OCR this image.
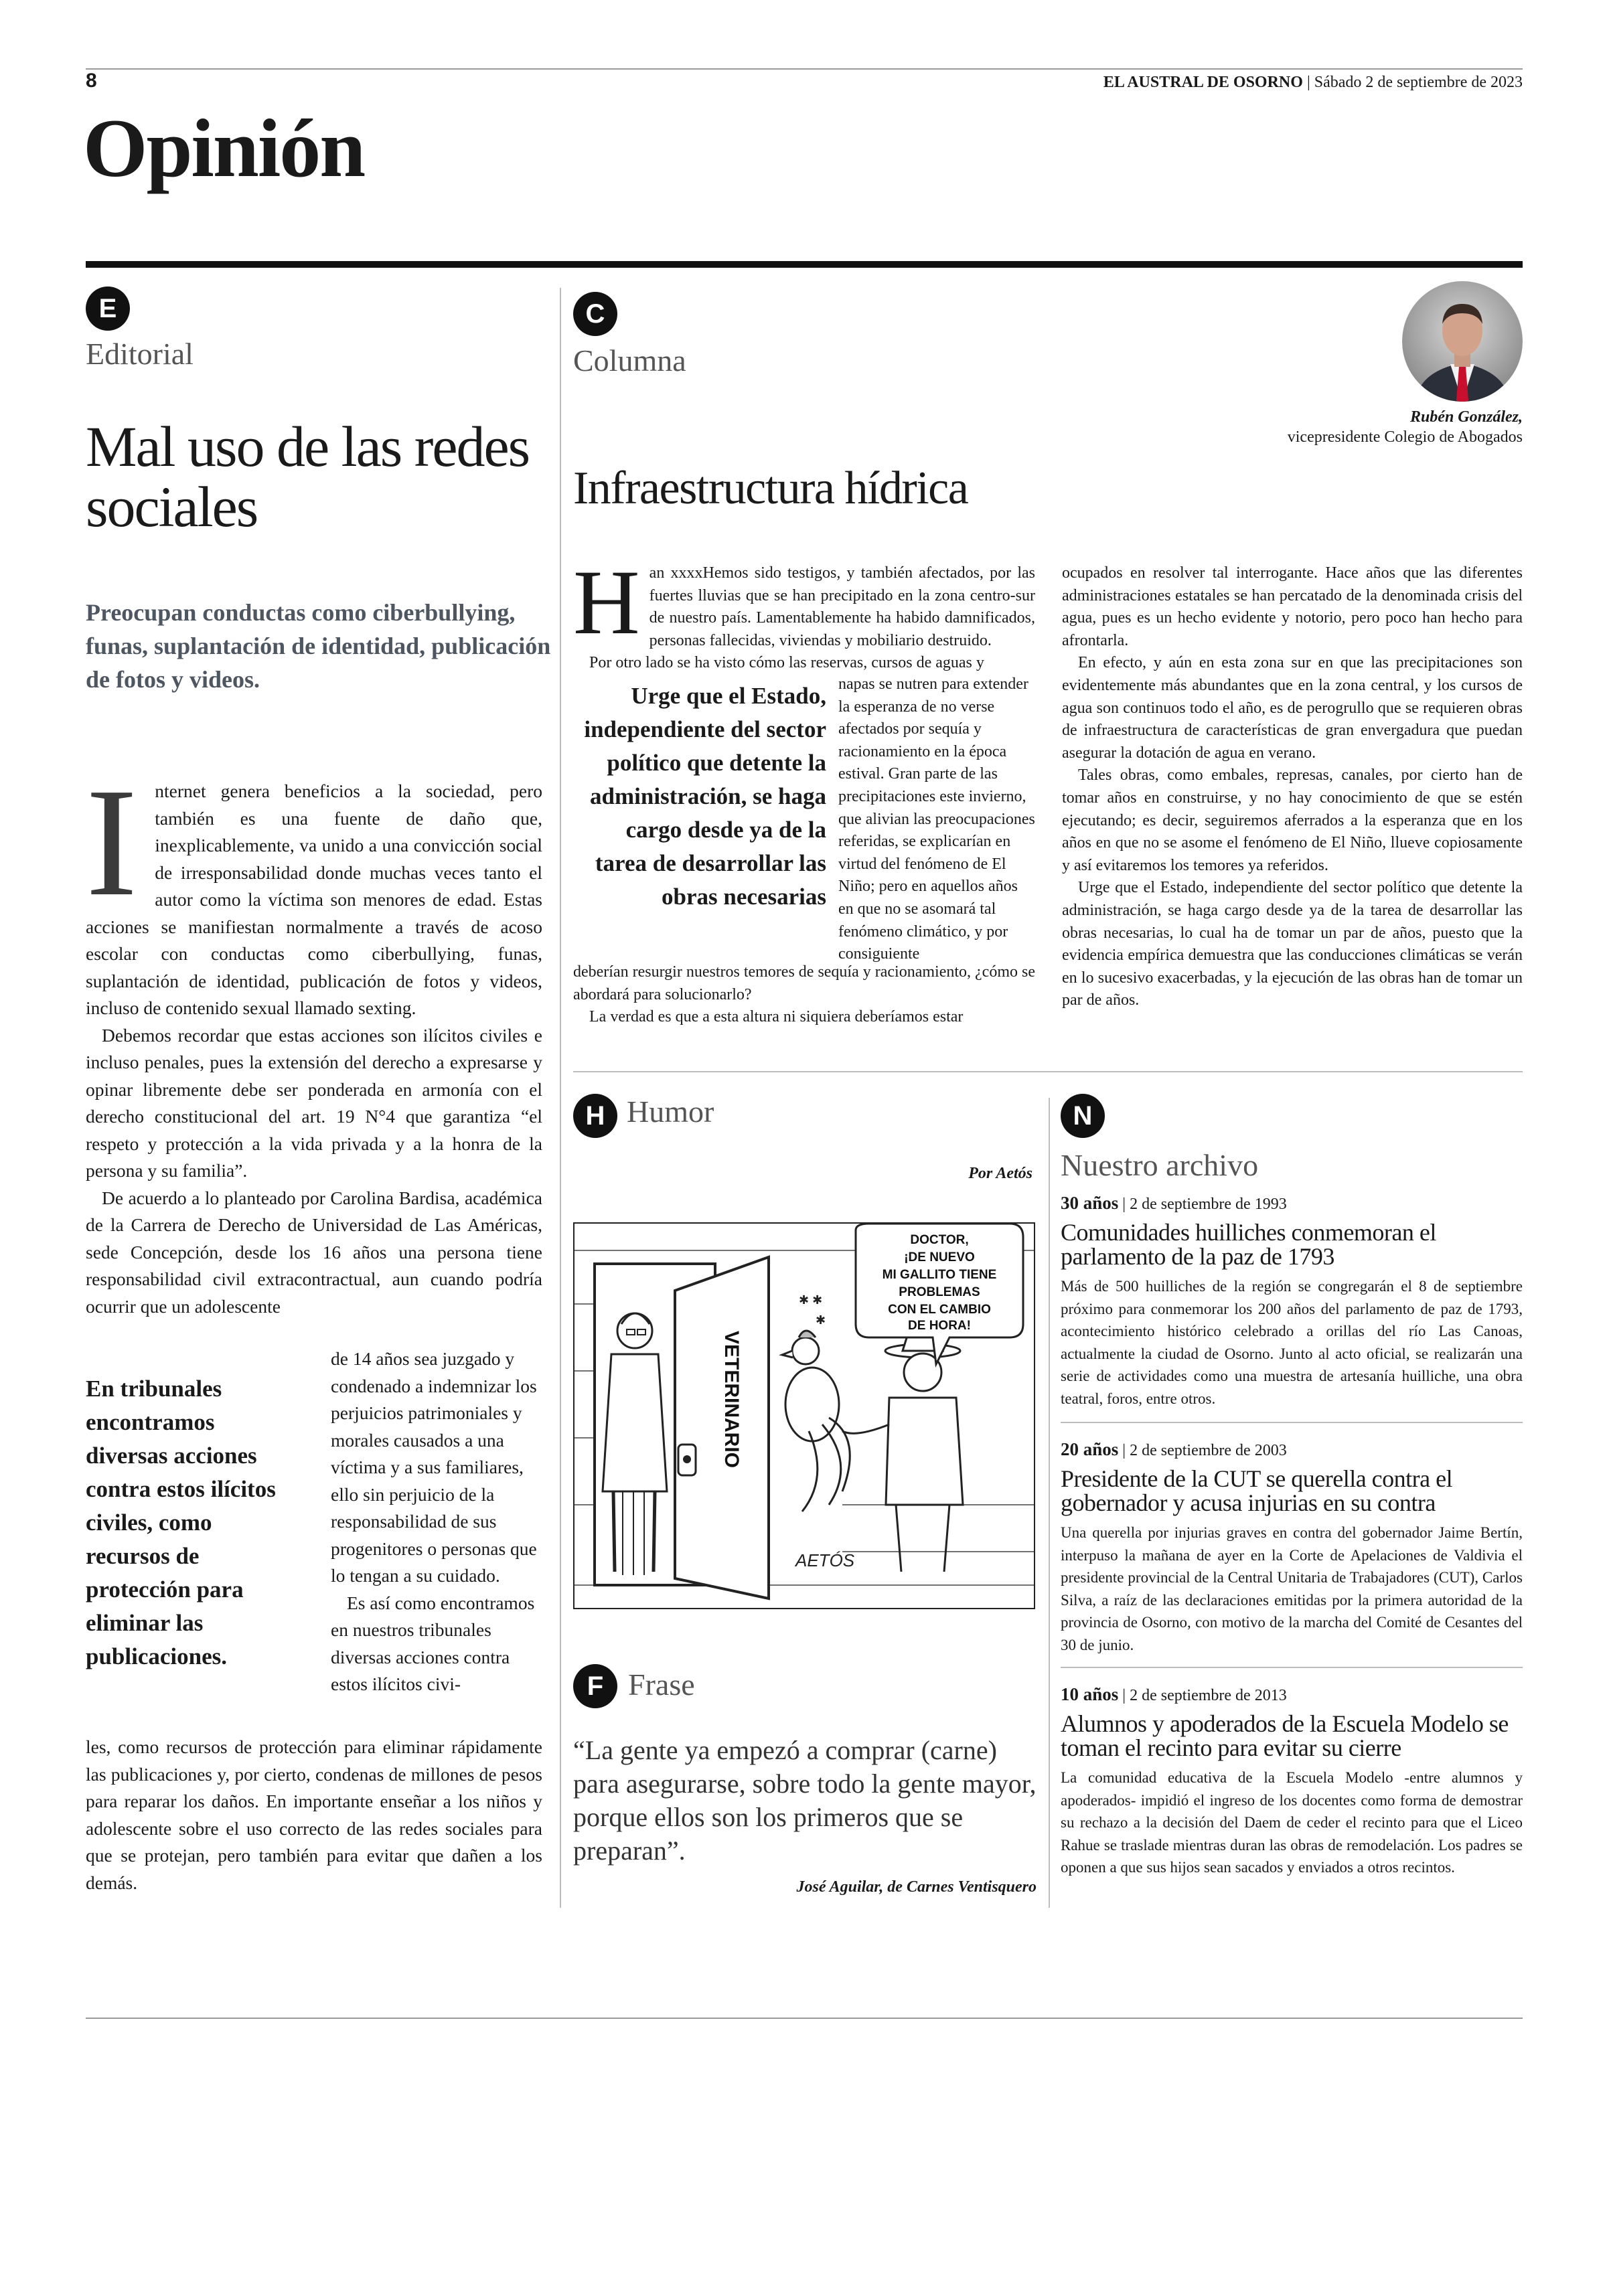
8	EL AUSTRAL DE OSORNO | Sábado 2 de septiembre de 2023
Opinión
E
Editorial
Mal uso de las redes sociales
Preocupan conductas como ciberbullying, funas, suplantación de identidad, publicación de fotos y videos.

Internet genera beneficios a la sociedad, pero también es una fuente de daño que, inexplicablemente, va unido a una convicción social de irresponsabilidad donde muchas veces tanto el autor como la víctima son menores de edad. Estas acciones se manifiestan normalmente a través de acoso escolar con conductas como ciberbullying, funas, suplantación de identidad, publicación de fotos y videos, incluso de contenido sexual llamado sexting.

Debemos recordar que estas acciones son ilícitos civiles e incluso penales, pues la extensión del derecho a expresarse y opinar libremente debe ser ponderada en armonía con el derecho constitucional del art. 19 N°4 que garantiza “el respeto y protección a la vida privada y a la honra de la persona y su familia”.

De acuerdo a lo planteado por Carolina Bardisa, académica de la Carrera de Derecho de Universidad de Las Américas, sede Concepción, desde los 16 años una persona tiene responsabilidad civil extracontractual, aun cuando podría ocurrir que un adolescente

En tribunales encontramos diversas acciones contra estos ilícitos civiles, como recursos de protección para eliminar las publicaciones.

de 14 años sea juzgado y condenado a indemnizar los perjuicios patrimoniales y morales causados a una víctima y a sus familiares, ello sin perjuicio de la responsabilidad de sus progenitores o personas que lo tengan a su cuidado.

Es así como encontramos en nuestros tribunales diversas acciones contra estos ilícitos civi-

les, como recursos de protección para eliminar rápidamente las publicaciones y, por cierto, condenas de millones de pesos para reparar los daños. En importante enseñar a los niños y adolescente sobre el uso correcto de las redes sociales para que se protejan, pero también para evitar que dañen a los demás.

C
Columna
Infraestructura hídrica
Rubén González,
vicepresidente Colegio de Abogados

Han xxxxHemos sido testigos, y también afectados, por las fuertes lluvias que se han precipitado en la zona centro-sur de nuestro país. Lamentablemente ha habido damnificados, personas fallecidas, viviendas y mobiliario destruido.

Por otro lado se ha visto cómo las reservas, cursos de aguas y

Urge que el Estado, independiente del sector político que detente la administración, se haga cargo desde ya de la tarea de desarrollar las obras necesarias

napas se nutren para extender la esperanza de no verse afectados por sequía y racionamiento en la época estival. Gran parte de las precipitaciones este invierno, que alivian las preocupaciones referidas, se explicarían en virtud del fenómeno de El Niño; pero en aquellos años en que no se asomará tal fenómeno climático, y por consiguiente

deberían resurgir nuestros temores de sequía y racionamiento, ¿cómo se abordará para solucionarlo?

La verdad es que a esta altura ni siquiera deberíamos estar

ocupados en resolver tal interrogante. Hace años que las diferentes administraciones estatales se han percatado de la denominada crisis del agua, pues es un hecho evidente y notorio, pero poco han hecho para afrontarla.

En efecto, y aún en esta zona sur en que las precipitaciones son evidentemente más abundantes que en la zona central, y los cursos de agua son continuos todo el año, es de perogrullo que se requieren obras de infraestructura de características de gran envergadura que puedan asegurar la dotación de agua en verano.

Tales obras, como embales, represas, canales, por cierto han de tomar años en construirse, y no hay conocimiento de que se estén ejecutando; es decir, seguiremos aferrados a la esperanza que en los años en que no se asome el fenómeno de El Niño, llueve copiosamente y así evitaremos los temores ya referidos.

Urge que el Estado, independiente del sector político que detente la administración, se haga cargo desde ya de la tarea de desarrollar las obras necesarias, lo cual ha de tomar un par de años, puesto que la evidencia empírica demuestra que las conducciones climáticas se verán en lo sucesivo exacerbadas, y la ejecución de las obras han de tomar un par de años.

H Humor
Por Aetós
VETERINARIO
✱ ✱
✱
DOCTOR,
¡DE NUEVO
MI GALLITO TIENE
PROBLEMAS
CON EL CAMBIO
DE HORA!
AETÓS
F Frase
“La gente ya empezó a comprar (carne) para asegurarse, sobre todo la gente mayor, porque ellos son los primeros que se preparan”.
José Aguilar, de Carnes Ventisquero
N
Nuestro archivo
30 años | 2 de septiembre de 1993
Comunidades huilliches conmemoran el parlamento de la paz de 1793
Más de 500 huilliches de la región se congregarán el 8 de septiembre próximo para conmemorar los 200 años del parlamento de paz de 1793, acontecimiento histórico celebrado a orillas del río Las Canoas, actualmente la ciudad de Osorno. Junto al acto oficial, se realizarán una serie de actividades como una muestra de artesanía huilliche, una obra teatral, foros, entre otros.
20 años | 2 de septiembre de 2003
Presidente de la CUT se querella contra el gobernador y acusa injurias en su contra
Una querella por injurias graves en contra del gobernador Jaime Bertín, interpuso la mañana de ayer en la Corte de Apelaciones de Valdivia el presidente provincial de la Central Unitaria de Trabajadores (CUT), Carlos Silva, a raíz de las declaraciones emitidas por la primera autoridad de la provincia de Osorno, con motivo de la marcha del Comité de Cesantes del 30 de junio.
10 años | 2 de septiembre de 2013
Alumnos y apoderados de la Escuela Modelo se toman el recinto para evitar su cierre
La comunidad educativa de la Escuela Modelo -entre alumnos y apoderados- impidió el ingreso de los docentes como forma de demostrar su rechazo a la decisión del Daem de ceder el recinto para que el Liceo Rahue se traslade mientras duran las obras de remodelación. Los padres se oponen a que sus hijos sean sacados y enviados a otros recintos.
